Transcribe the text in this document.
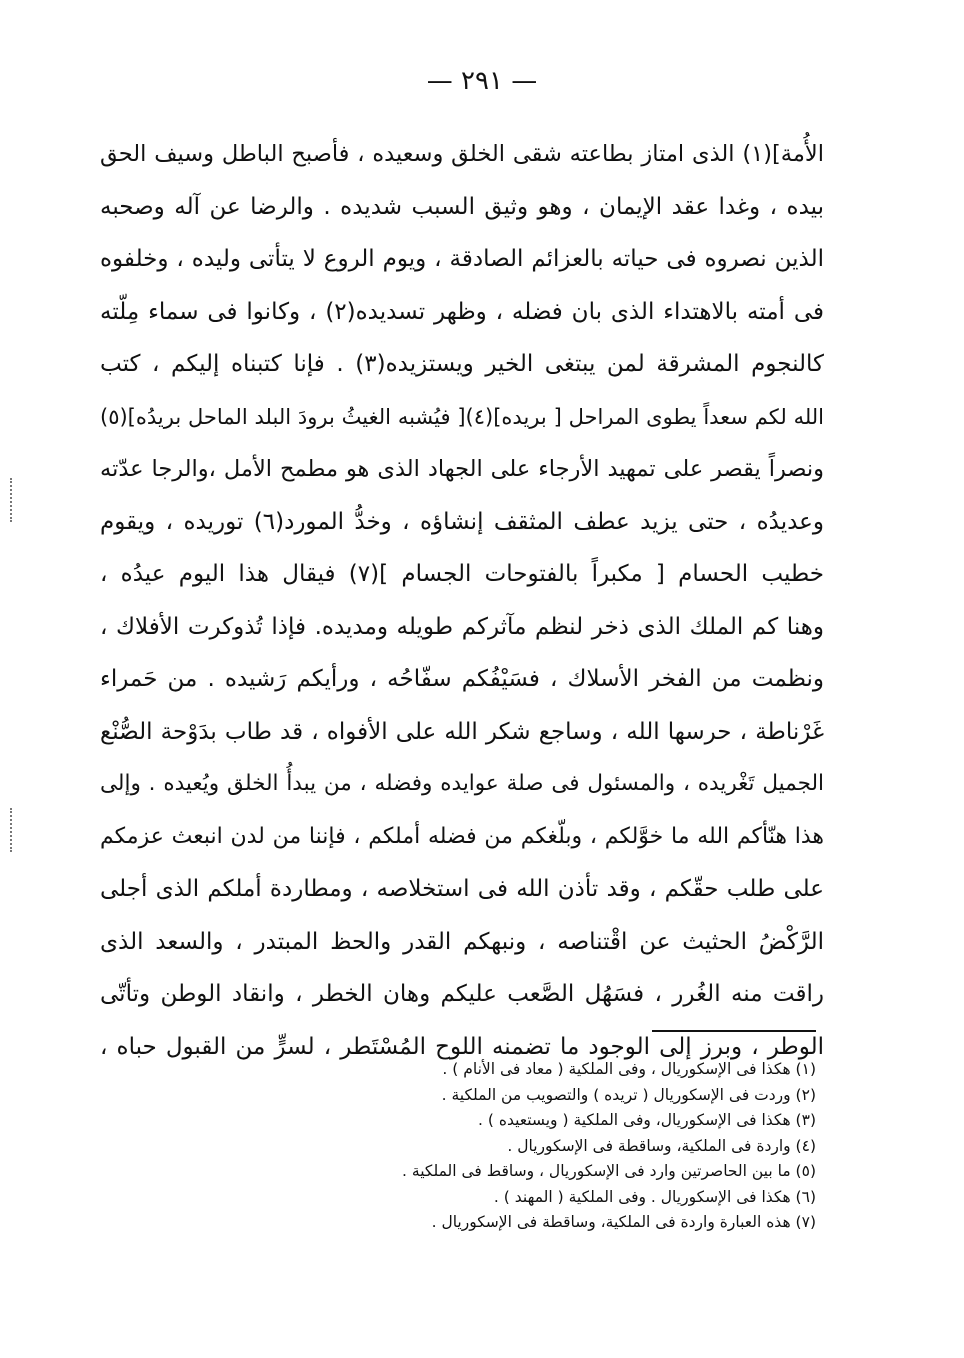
— ٢٩١ —
الأُمة](١) الذى امتاز بطاعته شقى الخلق وسعيده ، فأصبح الباطل وسيف الحق
بيده ، وغدا عقد الإيمان ، وهو وثيق السبب شديده . والرضا عن آله وصحبه
الذين نصروه فى حياته بالعزائم الصادقة ، ويوم الروع لا يتأتى وليده ، وخلفوه
فى أمته بالاهتداء الذى بان فضله ، وظهر تسديده(٢) ، وكانوا فى سماء مِلّته
كالنجوم المشرقة لمن يبتغى الخير ويستزيده(٣) . فإنا كتبناه إليكم ، كتب
الله لكم سعداً يطوى المراحل [ بريده](٤)[ فيُشبه الغيثُ برودَ البلد الماحل بريدُه](٥)
ونصراً يقصر على تمهيد الأرجاء على الجهاد الذى هو مطمح الأمل ،والرجا عدّته
وعديدُه ، حتى يزيد عطف المثقف إنشاؤه ، وخدُّ المورد(٦) توريده ، ويقوم
خطيب الحسام [ مكبراً بالفتوحات الجسام ](٧) فيقال هذا اليوم عيدُه ،
وهنا كم الملك الذى ذخر لنظم مآثركم طويله ومديده. فإذا تُذوكرت الأفلاك ،
ونظمت من الفخر الأسلاك ، فسَيْفُكم سفّاحُه ، ورأيكم رَشيده . من حَمراء
غَرْناطة ، حرسها الله ، وساجع شكر الله على الأفواه ، قد طاب بدَوْحة الصُّنْع
الجميل تَغْريده ، والمسئول فى صلة عوايده وفضله ، من يبدأُ الخلق ويُعيده . وإلى
هذا هنّأكم الله ما خوَّلكم ، وبلّغكم من فضله أملكم ، فإننا من لدن انبعث عزمكم
على طلب حقّكم ، وقد تأذن الله فى استخلاصه ، ومطاردة أملكم الذى أجلى
الرَّكْضُ الحثيث عن اقْتناصه ، ونبهكم القدر والحظ المبتدر ، والسعد الذى
راقت منه الغُرر ، فسَهُل الصَّعب عليكم وهان الخطر ، وانقاد الوطن وتأتّى
الوطر ، وبرز إلى الوجود ما تضمنه اللوح المُسْتَطر ، لسرٍّ من القبول حباه ،
(١) هكذا فى الإسكوريال ، وفى الملكية ( معاد فى الأنام ) .
(٢) وردت فى الإسكوريال ( تريده ) والتصويب من الملكية .
(٣) هكذا فى الإسكوريال، وفى الملكية ( ويستعيده ) .
(٤) واردة فى الملكية، وساقطة فى الإسكوريال .
(٥) ما بين الحاصرتين وارد فى الإسكوريال ، وساقط فى الملكية .
(٦) هكذا فى الإسكوريال . وفى الملكية ( المهند ) .
(٧) هذه العبارة واردة فى الملكية، وساقطة فى الإسكوريال .
